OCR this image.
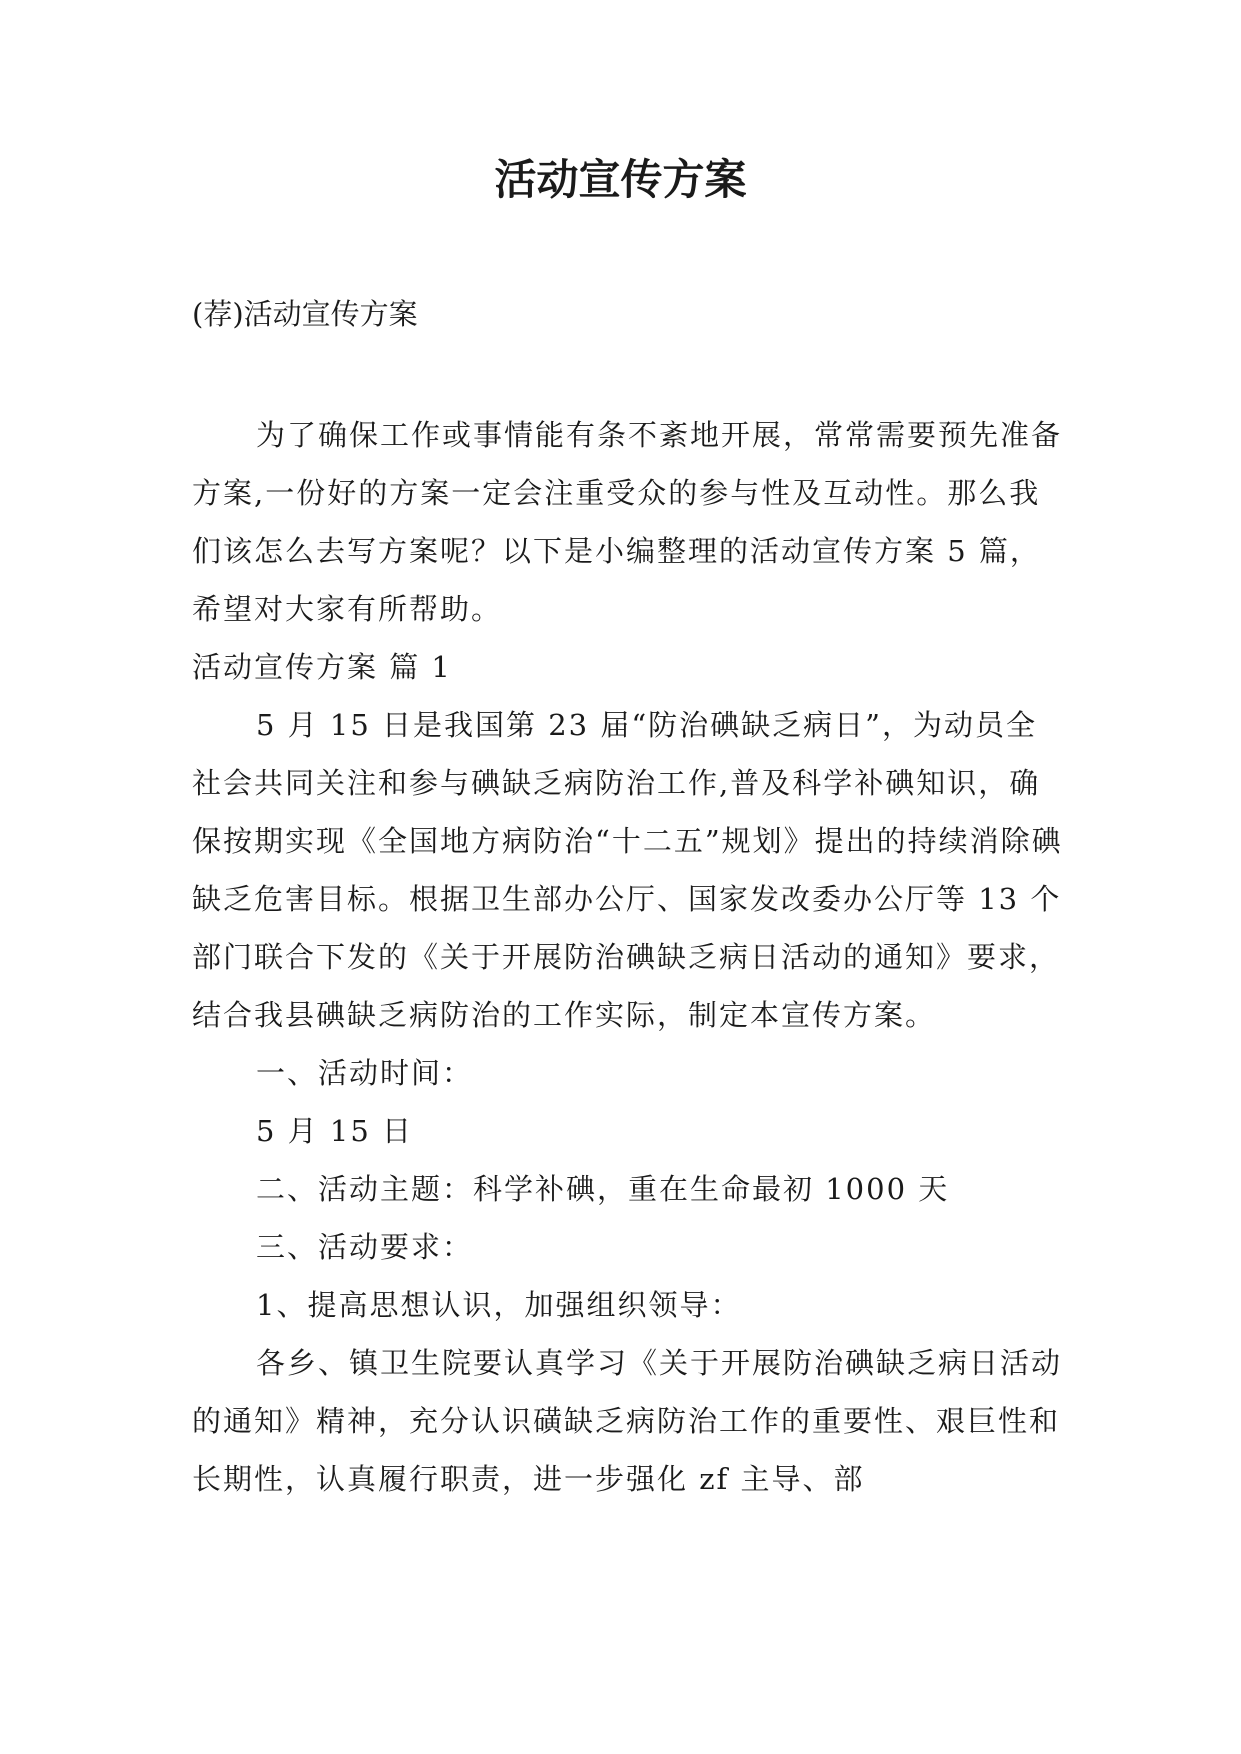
活动宣传方案

(荐)活动宣传方案

为了确保工作或事情能有条不紊地开展，常常需要预先准备方案,一份好的方案一定会注重受众的参与性及互动性。那么我们该怎么去写方案呢？以下是小编整理的活动宣传方案 5 篇，希望对大家有所帮助。

活动宣传方案 篇 1

5 月 15 日是我国第 23 届“防治碘缺乏病日”，为动员全社会共同关注和参与碘缺乏病防治工作,普及科学补碘知识，确保按期实现《全国地方病防治“十二五”规划》提出的持续消除碘缺乏危害目标。根据卫生部办公厅、国家发改委办公厅等 13 个部门联合下发的《关于开展防治碘缺乏病日活动的通知》要求，结合我县碘缺乏病防治的工作实际，制定本宣传方案。

一、活动时间：

5 月 15 日

二、活动主题：科学补碘，重在生命最初 1000 天

三、活动要求：

1、提高思想认识，加强组织领导：

各乡、镇卫生院要认真学习《关于开展防治碘缺乏病日活动的通知》精神，充分认识磺缺乏病防治工作的重要性、艰巨性和长期性，认真履行职责，进一步强化 zf 主导、部
